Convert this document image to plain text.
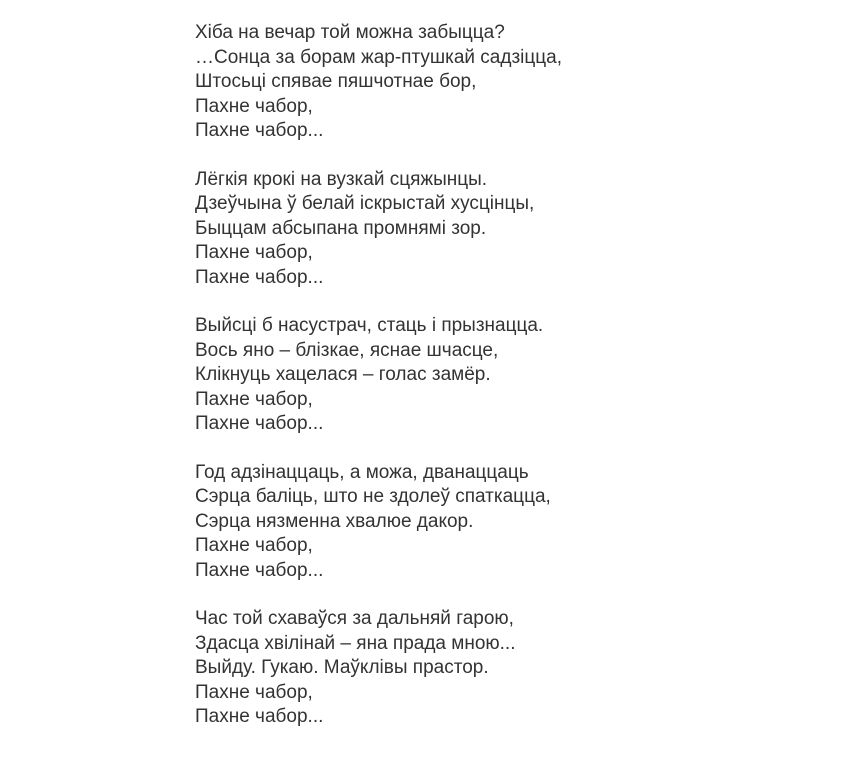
Хіба на вечар той можна забыцца?
…Сонца за борам жар-птушкай садзіцца,
Штосьці спявае пяшчотнае бор,
Пахне чабор,
Пахне чабор...
Лёгкія крокі на вузкай сцяжынцы.
Дзеўчына ў белай іскрыстай хусцінцы,
Быццам абсыпана промнямі зор.
Пахне чабор,
Пахне чабор...
Выйсці б насустрач, стаць і прызнацца.
Вось яно – блізкае, яснае шчасце,
Клікнуць хацелася – голас замёр.
Пахне чабор,
Пахне чабор...
Год адзінаццаць, а можа, дванаццаць
Сэрца баліць, што не здолеў спаткацца,
Сэрца нязменна хвалюе дакор.
Пахне чабор,
Пахне чабор...
Час той схаваўся за дальняй гарою,
Здасца хвілінай – яна прада мною...
Выйду. Гукаю. Маўклівы прастор.
Пахне чабор,
Пахне чабор...
